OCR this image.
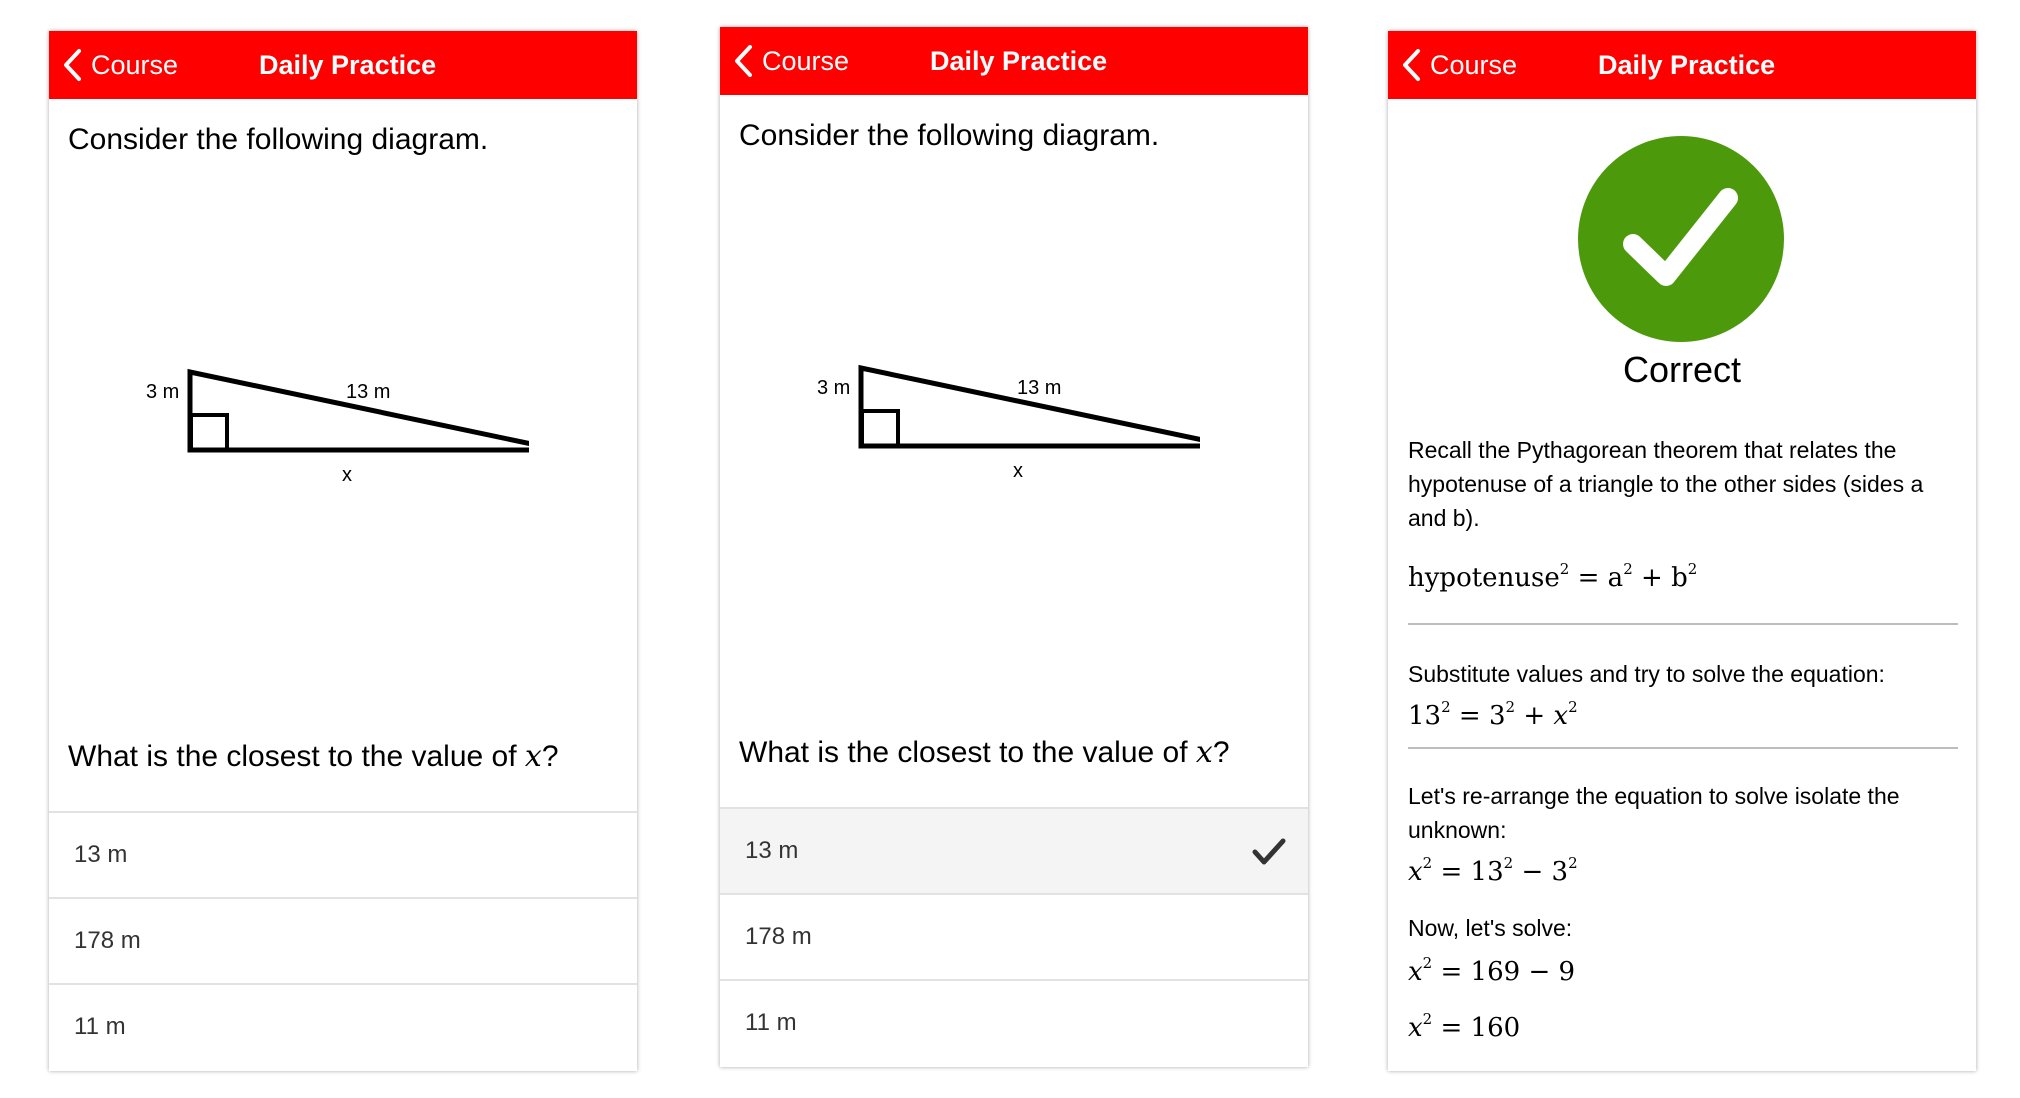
Course	Daily Practice
Consider the following diagram.
3 m	13 m
x
What is the closest to the value of x?
13 m
178 m
11 m
Course	Daily Practice
Consider the following diagram.
3 m	13 m
x
What is the closest to the value of x?
13 m
178 m
11 m
Course	Daily Practice
Correct
Recall the Pythagorean theorem that relates the hypotenuse of a triangle to the other sides (sides a and b).
hypotenuse$^2$ = $a^2 + b^2$
Substitute values and try to solve the equation:
$13^2 = 3^2 + x^2$
Let's re-arrange the equation to solve isolate the unknown:
$x^2 = 13^2 - 3^2$
Now, let's solve:
$x^2 = 169 - 9$
$x^2 = 160$
